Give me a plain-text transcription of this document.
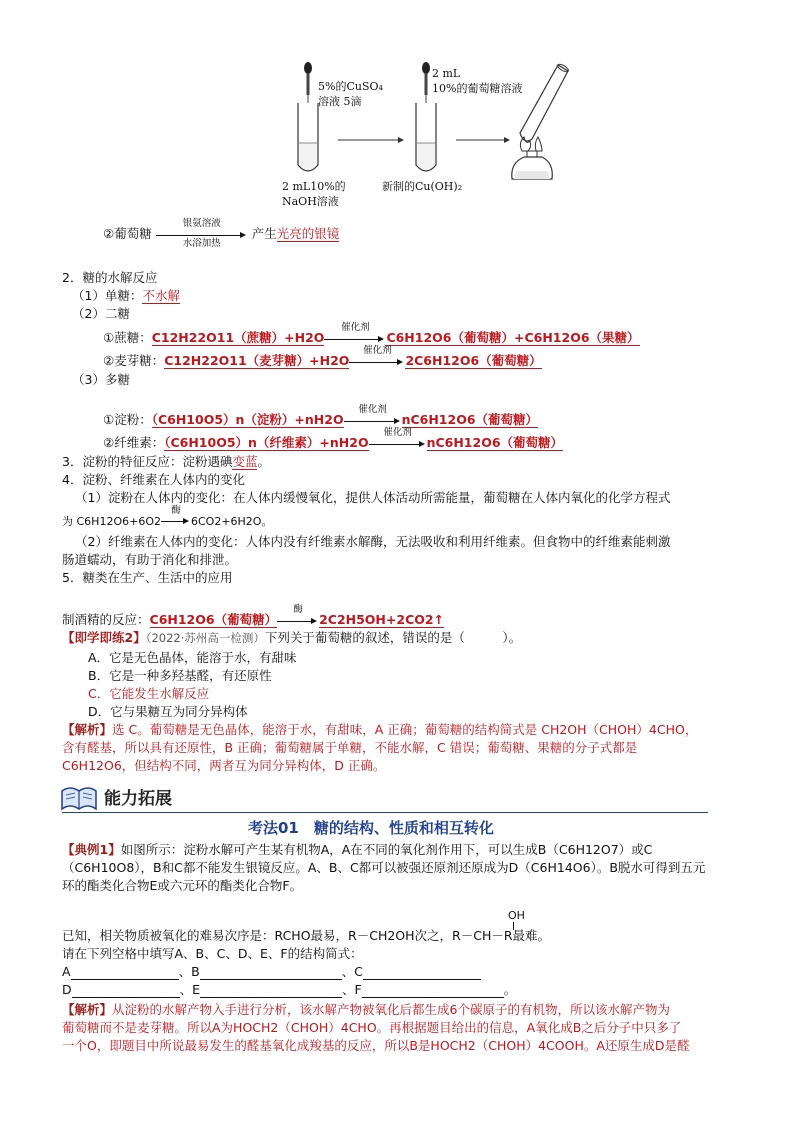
5%的CuSO₄
溶液 5滴
2 mL
10%的葡萄糖溶液
2 mL10%的
NaOH溶液
新制的Cu(OH)₂
②葡萄糖
银氨溶液
水浴加热
产生光亮的银镜
2．糖的水解反应
（1）单糖：不水解
（2）二糖
①蔗糖：C12H22O11（蔗糖）+H2O
催化剂
C6H12O6（葡萄糖）+C6H12O6（果糖）
②麦芽糖：C12H22O11（麦芽糖）+H2O
催化剂
2C6H12O6（葡萄糖）
（3）多糖
①淀粉：（C6H10O5）n（淀粉）+nH2O
催化剂
nC6H12O6（葡萄糖）
②纤维素：（C6H10O5）n（纤维素）+nH2O
催化剂
nC6H12O6（葡萄糖）
3．淀粉的特征反应：淀粉遇碘变蓝。
4．淀粉、纤维素在人体内的变化
（1）淀粉在人体内的变化：在人体内缓慢氧化，提供人体活动所需能量，葡萄糖在人体内氧化的化学方程式
为 C6H12O6+6O2
酶
6CO2+6H2O。
（2）纤维素在人体内的变化：人体内没有纤维素水解酶，无法吸收和利用纤维素。但食物中的纤维素能刺激
肠道蠕动，有助于消化和排泄。
5．糖类在生产、生活中的应用
制酒精的反应：C6H12O6（葡萄糖）
酶
2C2H5OH+2CO2↑
【即学即练2】（2022·苏州高一检测）下列关于葡萄糖的叙述，错误的是（　　　）。
A．它是无色晶体，能溶于水，有甜味
B．它是一种多羟基醛，有还原性
C．它能发生水解反应
D．它与果糖互为同分异构体
【解析】选 C。葡萄糖是无色晶体，能溶于水，有甜味，A 正确；葡萄糖的结构简式是 CH2OH（CHOH）4CHO，
含有醛基，所以具有还原性，B 正确；葡萄糖属于单糖，不能水解，C 错误；葡萄糖、果糖的分子式都是
C6H12O6，但结构不同，两者互为同分异构体，D 正确。
能力拓展
考法01　糖的结构、性质和相互转化
【典例1】如图所示：淀粉水解可产生某有机物A，A在不同的氧化剂作用下，可以生成B（C6H12O7）或C
（C6H10O8），B和C都不能发生银镜反应。A、B、C都可以被强还原剂还原成为D（C6H14O6）。B脱水可得到五元
环的酯类化合物E或六元环的酯类化合物F。
OH
已知，相关物质被氧化的难易次序是：RCHO最易，R－CH2OH次之，R－CH－R最难。
请在下列空格中填写A、B、C、D、E、F的结构简式：
A	、B	、C
D	、E	、F	。
【解析】从淀粉的水解产物入手进行分析，该水解产物被氧化后都生成6个碳原子的有机物，所以该水解产物为
葡萄糖而不是麦芽糖。所以A为HOCH2（CHOH）4CHO。再根据题目给出的信息，A氧化成B之后分子中只多了
一个O，即题目中所说最易发生的醛基氧化成羧基的反应，所以B是HOCH2（CHOH）4COOH。A还原生成D是醛
